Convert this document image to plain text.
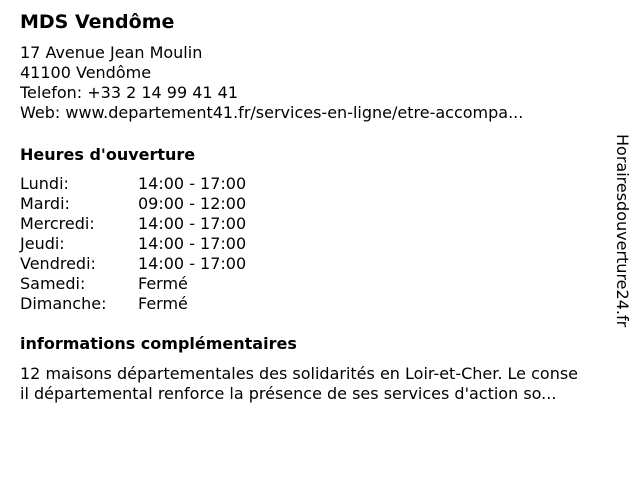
MDS Vendôme
17 Avenue Jean Moulin
41100 Vendôme
Telefon: +33 2 14 99 41 41
Web: www.departement41.fr/services-en-ligne/etre-accompa...
Heures d'ouverture
Lundi:	14:00 - 17:00
Mardi:	09:00 - 12:00
Mercredi:	14:00 - 17:00
Jeudi:	14:00 - 17:00
Vendredi:	14:00 - 17:00
Samedi:	Fermé
Dimanche: Fermé
informations complémentaires
12 maisons départementales des solidarités en Loir-et-Cher. Le conse
il départemental renforce la présence de ses services d'action so...
Horairesdouverture24.fr
